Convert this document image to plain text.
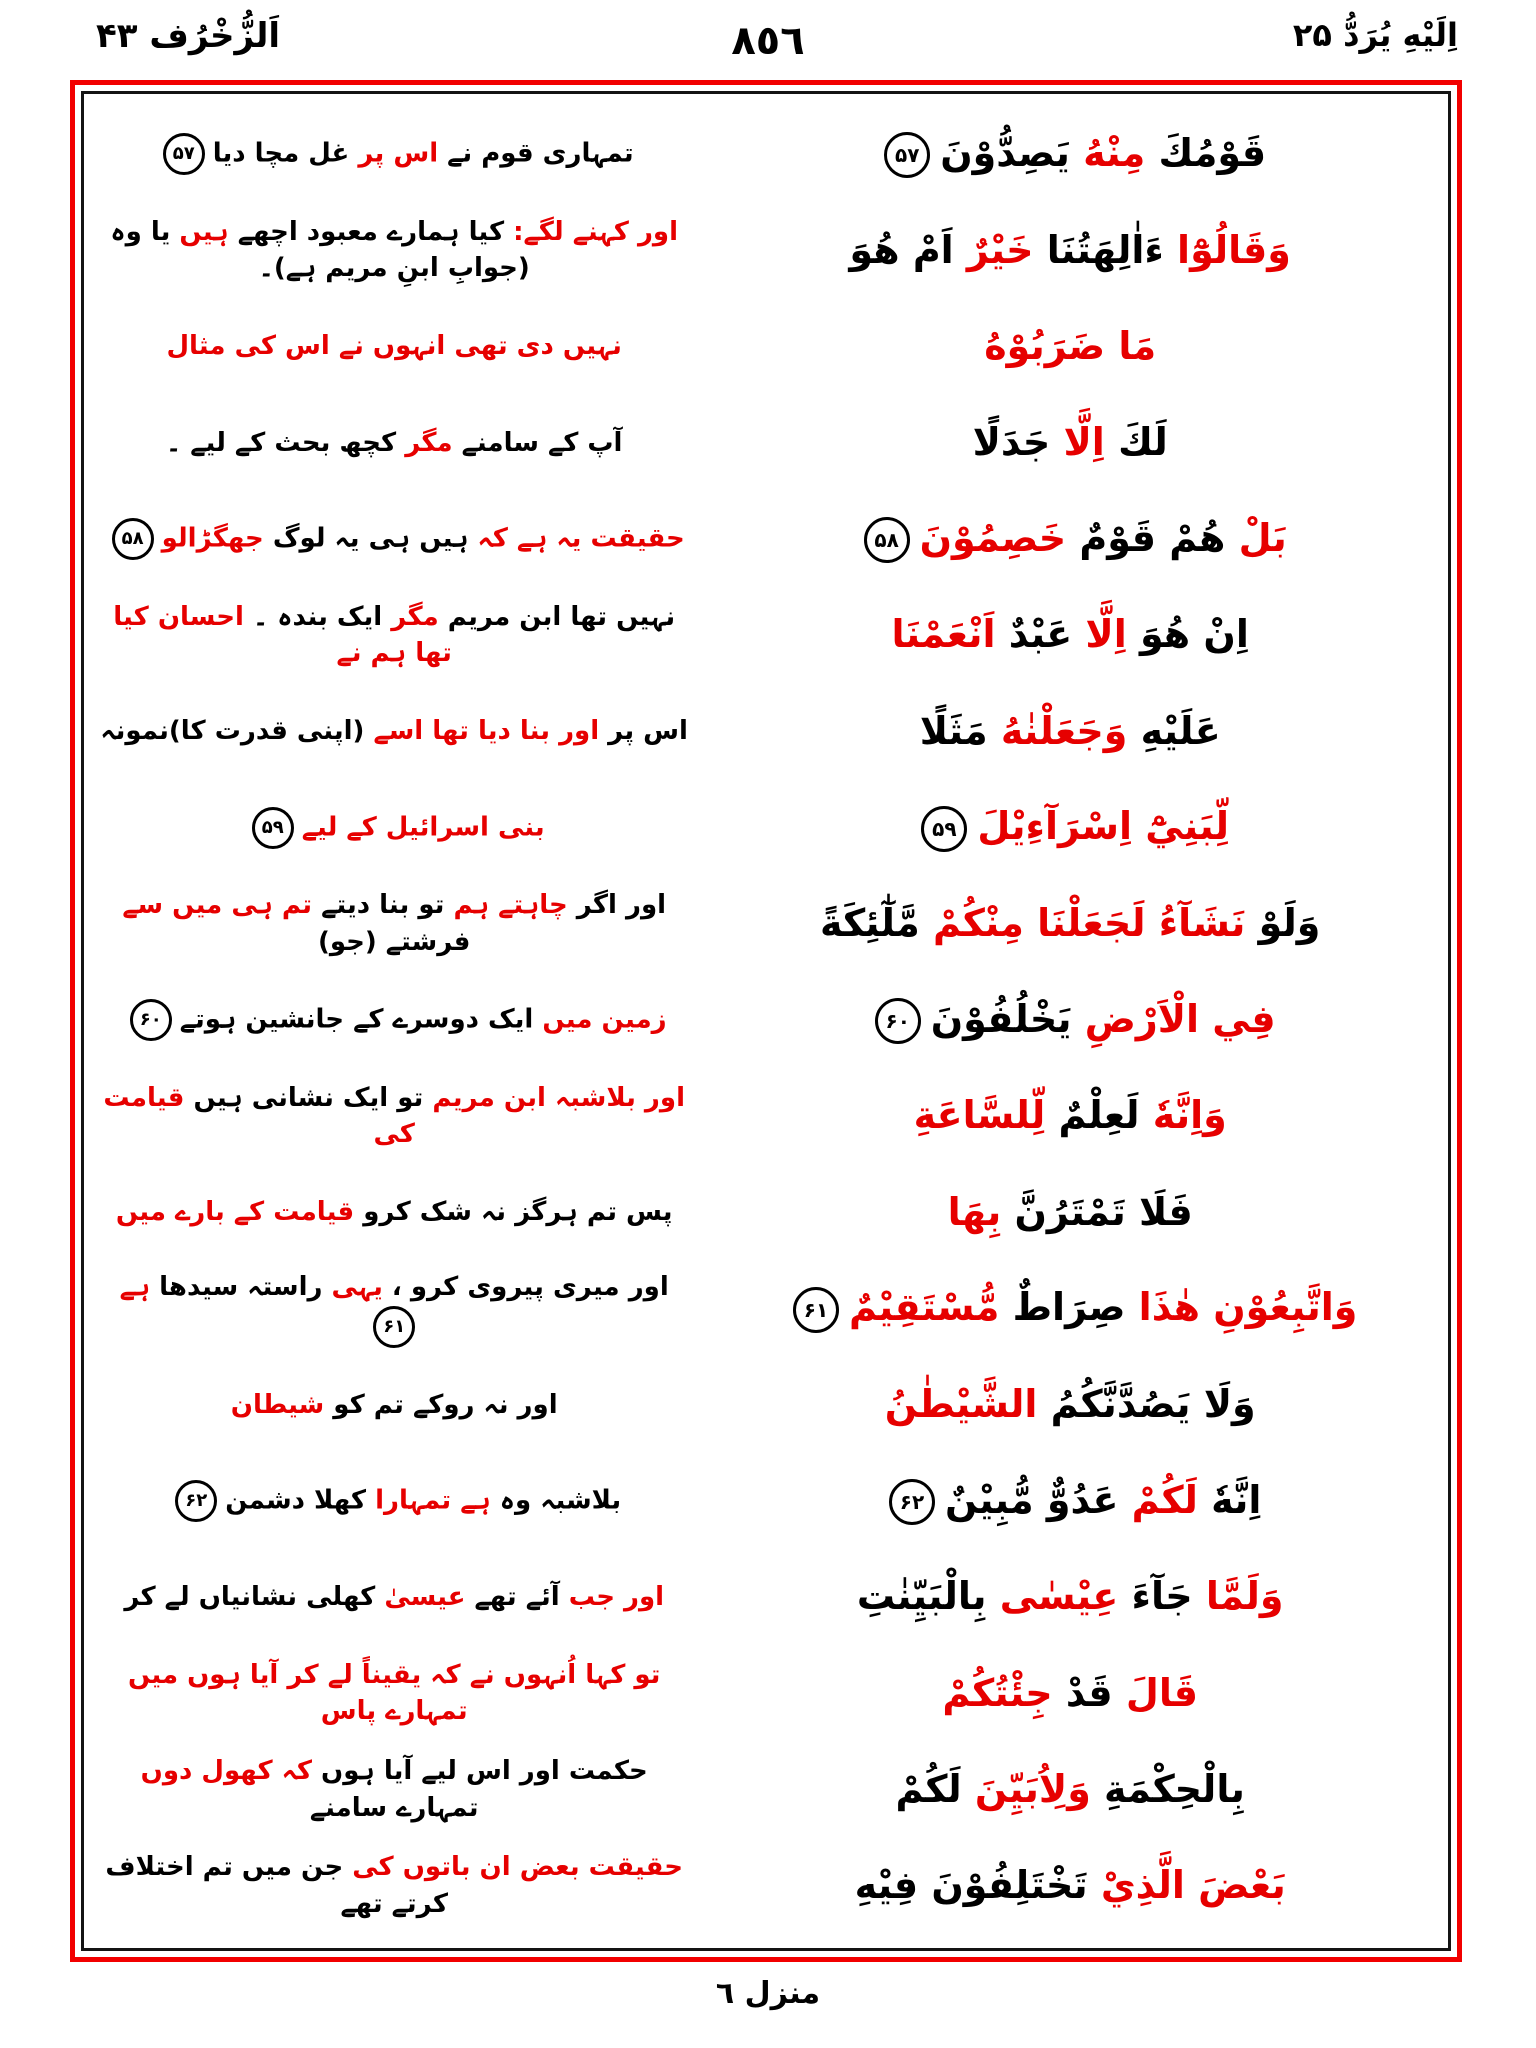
اَلزُّخْرُف ۴۳	٨٥٦	اِلَيْهِ يُرَدُّ ۲۵
تمہاری قوم نے اس پر غل مچا دیا۵۷	قَوْمُكَ مِنْهُ يَصِدُّوْنَ۵۷
اور کہنے لگے: کیا ہمارے معبود اچھے ہیں یا وہ (جوابِ ابنِ مریم ہے)۔	وَقَالُوْٓا ءَاٰلِهَتُنَا خَيْرٌ اَمْ هُوَ
نہیں دی تھی انہوں نے اس کی مثال	مَا ضَرَبُوْهُ
آپ کے سامنے مگر کچھ بحث کے لیے ۔	لَكَ اِلَّا جَدَلًا
حقیقت یہ ہے کہ ہیں ہی یہ لوگ جھگڑالو۵۸	بَلْ هُمْ قَوْمٌ خَصِمُوْنَ۵۸
نہیں تھا ابن مریم مگر ایک بندہ ۔ احسان کیا تھا ہم نے	اِنْ هُوَ اِلَّا عَبْدٌ اَنْعَمْنَا
اس پر اور بنا دیا تھا اسے (اپنی قدرت کا)نمونہ	عَلَيْهِ وَجَعَلْنٰهُ مَثَلًا
بنی اسرائیل کے لیے۵۹	لِّبَنِيْٓ اِسْرَآءِيْلَ۵۹
اور اگر چاہتے ہم تو بنا دیتے تم ہی میں سے فرشتے (جو)	وَلَوْ نَشَآءُ لَجَعَلْنَا مِنْكُمْ مَّلٰٓئِكَةً
زمین میں ایک دوسرے کے جانشین ہوتے۶۰	فِي الْاَرْضِ يَخْلُفُوْنَ۶۰
اور بلاشبہ ابن مریم تو ایک نشانی ہیں قیامت کی	وَاِنَّهٗ لَعِلْمٌ لِّلسَّاعَةِ
پس تم ہرگز نہ شک کرو قیامت کے بارے میں	فَلَا تَمْتَرُنَّ بِهَا
اور میری پیروی کرو ، یہی راستہ سیدھا ہے۶۱	وَاتَّبِعُوْنِ هٰذَا صِرَاطٌ مُّسْتَقِيْمٌ۶۱
اور نہ روکے تم کو شیطان	وَلَا يَصُدَّنَّكُمُ الشَّيْطٰنُ
بلاشبہ وہ ہے تمہارا کھلا دشمن۶۲	اِنَّهٗ لَكُمْ عَدُوٌّ مُّبِيْنٌ۶۲
اور جب آئے تھے عیسیٰ کھلی نشانیاں لے کر	وَلَمَّا جَآءَ عِيْسٰى بِالْبَيِّنٰتِ
تو کہا اُنہوں نے کہ یقیناً لے کر آیا ہوں میں تمہارے پاس	قَالَ قَدْ جِئْتُكُمْ
حکمت اور اس لیے آیا ہوں کہ کھول دوں تمہارے سامنے	بِالْحِكْمَةِ وَلِاُبَيِّنَ لَكُمْ
حقیقت بعض ان باتوں کی جن میں تم اختلاف کرتے تھے	بَعْضَ الَّذِيْ تَخْتَلِفُوْنَ فِيْهِ
منزل ٦
